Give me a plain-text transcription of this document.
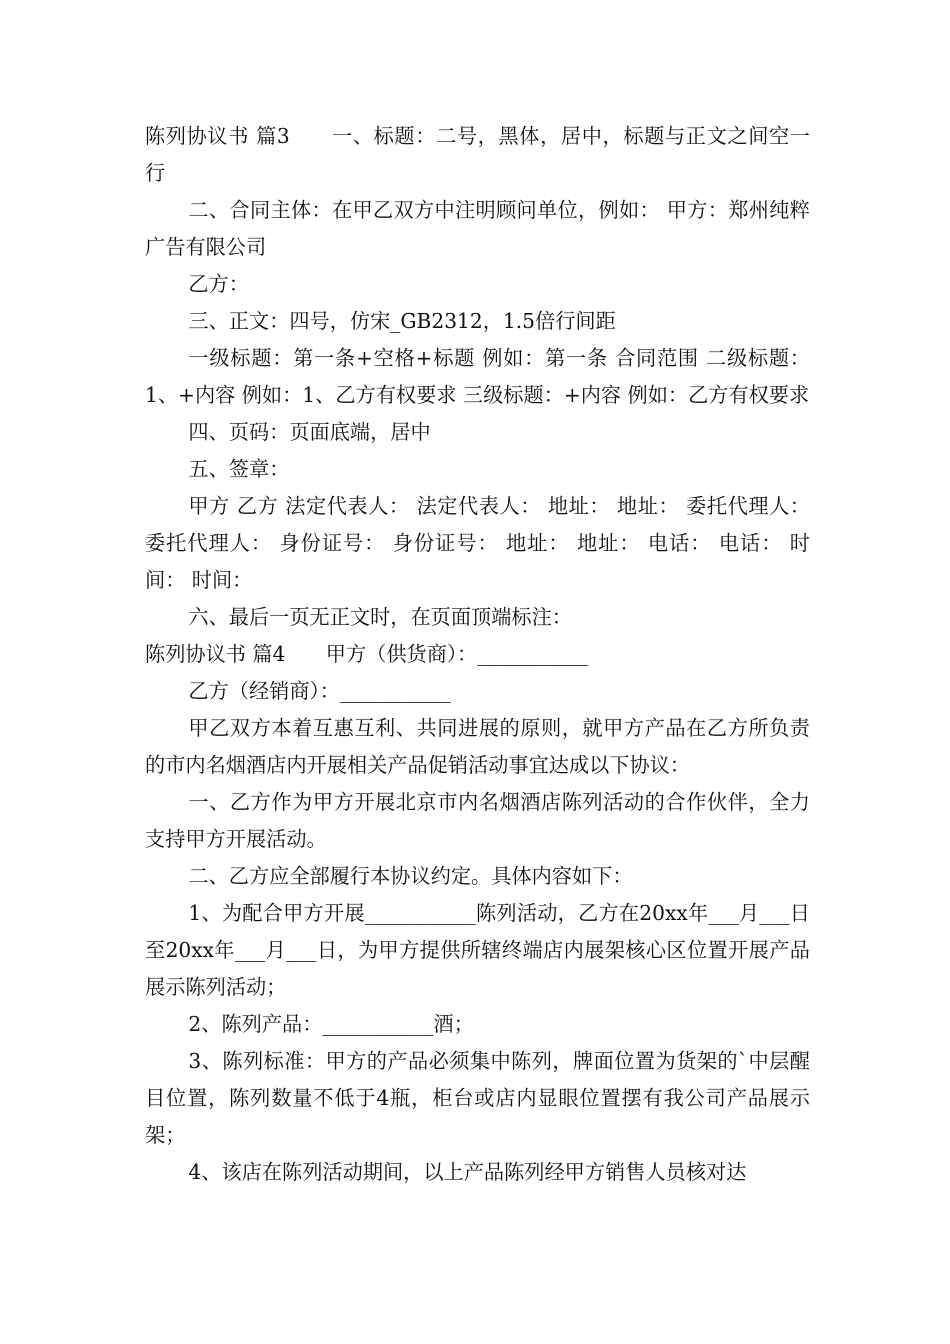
陈列协议书 篇3　　一、标题：二号，黑体，居中，标题与正文之间空一行

二、合同主体：在甲乙双方中注明顾问单位，例如： 甲方：郑州纯粹广告有限公司

乙方：

三、正文：四号，仿宋_GB2312，1.5倍行间距

一级标题：第一条+空格+标题 例如：第一条 合同范围 二级标题：1、+内容 例如：1、乙方有权要求 三级标题：+内容 例如：乙方有权要求

四、页码：页面底端，居中

五、签章：

甲方 乙方 法定代表人： 法定代表人： 地址： 地址： 委托代理人： 委托代理人： 身份证号： 身份证号： 地址： 地址： 电话： 电话： 时间： 时间：

六、最后一页无正文时，在页面顶端标注：

陈列协议书 篇4　　甲方（供货商）：___________

乙方（经销商）：___________

甲乙双方本着互惠互利、共同进展的原则，就甲方产品在乙方所负责的市内名烟酒店内开展相关产品促销活动事宜达成以下协议：

一、乙方作为甲方开展北京市内名烟酒店陈列活动的合作伙伴，全力支持甲方开展活动。

二、乙方应全部履行本协议约定。具体内容如下：

1、为配合甲方开展___________陈列活动，乙方在20xx年___月___日至20xx年___月___日，为甲方提供所辖终端店内展架核心区位置开展产品展示陈列活动；

2、陈列产品：___________酒；

3、陈列标准：甲方的产品必须集中陈列，牌面位置为货架的`中层醒目位置，陈列数量不低于4瓶，柜台或店内显眼位置摆有我公司产品展示架；

4、该店在陈列活动期间，以上产品陈列经甲方销售人员核对达
